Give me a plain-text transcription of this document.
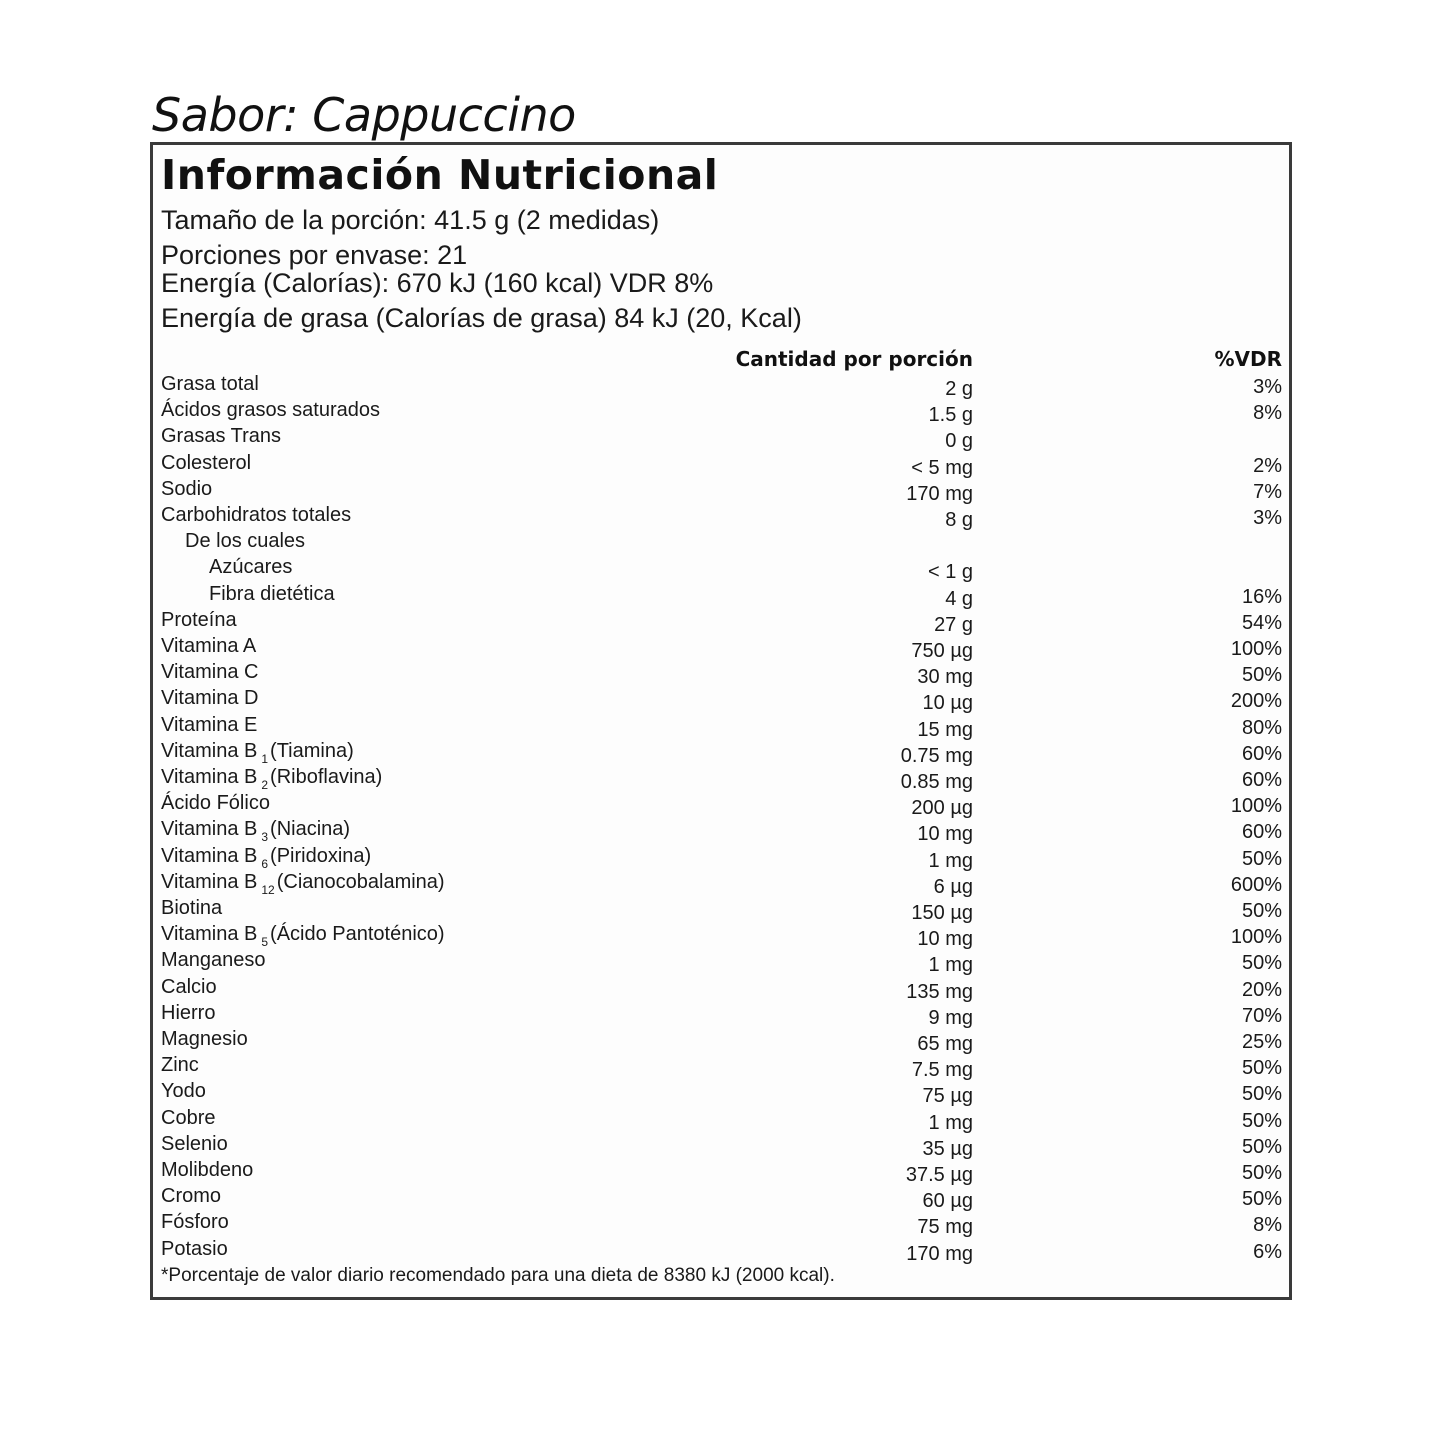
Sabor: Cappuccino
Información Nutricional
Tamaño de la porción: 41.5 g (2 medidas)
Porciones por envase: 21
Energía (Calorías): 670 kJ (160 kcal) VDR 8%
Energía de grasa (Calorías de grasa) 84 kJ (20, Kcal)
Cantidad por porción	%VDR
Grasa total	2 g	3%
Ácidos grasos saturados	1.5 g	8%
Grasas Trans	0 g
Colesterol	< 5 mg	2%
Sodio	170 mg	7%
Carbohidratos totales	8 g	3%
De los cuales
Azúcares	< 1 g
Fibra dietética	4 g	16%
Proteína	27 g	54%
Vitamina A	750 µg	100%
Vitamina C	30 mg	50%
Vitamina D	10 µg	200%
Vitamina E	15 mg	80%
Vitamina B $_1$ (Tiamina)	0.75 mg	60%
Vitamina B $_2$ (Riboflavina)	0.85 mg	60%
Ácido Fólico	200 µg	100%
Vitamina B $_3$ (Niacina)	10 mg	60%
Vitamina B $_6$ (Piridoxina)	1 mg	50%
Vitamina B $_{12}$ (Cianocobalamina)	6 µg	600%
Biotina	150 µg	50%
Vitamina B $_5$ (Ácido Pantoténico)	10 mg	100%
Manganeso	1 mg	50%
Calcio	135 mg	20%
Hierro	9 mg	70%
Magnesio	65 mg	25%
Zinc	7.5 mg	50%
Yodo	75 µg	50%
Cobre	1 mg	50%
Selenio	35 µg	50%
Molibdeno	37.5 µg	50%
Cromo	60 µg	50%
Fósforo	75 mg	8%
Potasio	170 mg	6%
*Porcentaje de valor diario recomendado para una dieta de 8380 kJ (2000 kcal).
